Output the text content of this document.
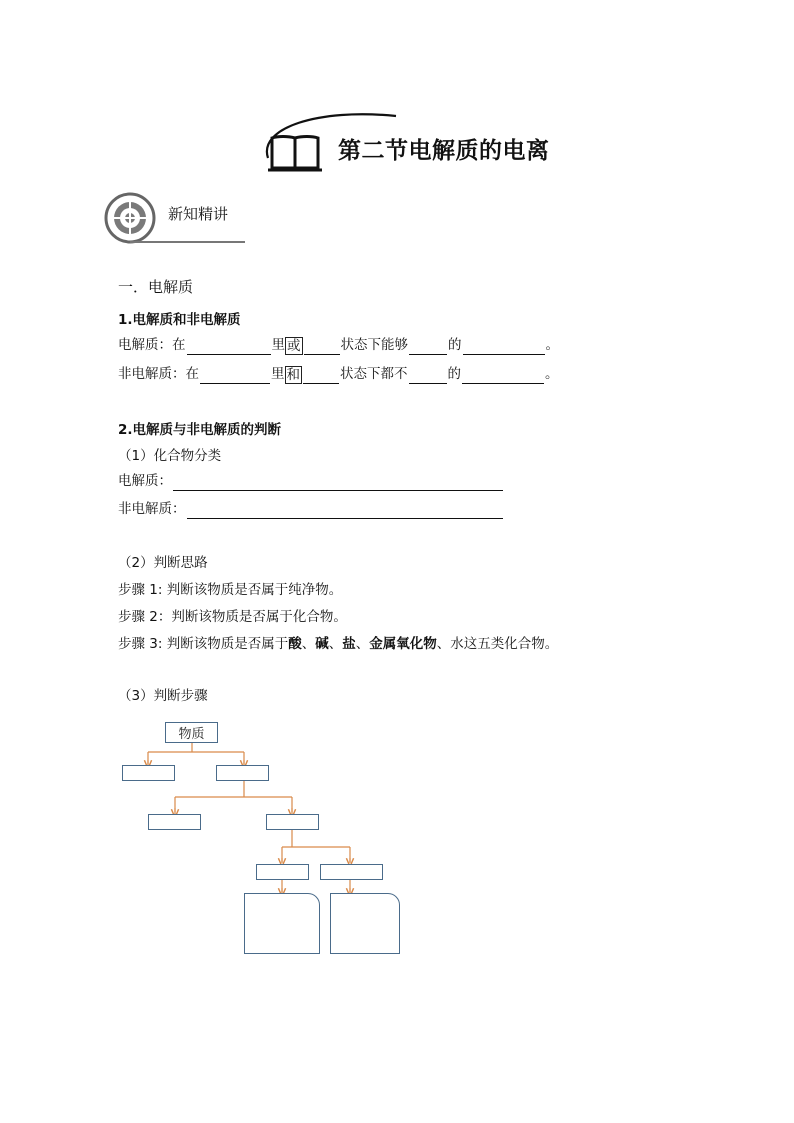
第二节电解质的电离
新知精讲
一．电解质
1.电解质和非电解质
电解质：在	里 或	状态下能够	的	。
非电解质：在	里 和	状态下都不	的	。
2.电解质与非电解质的判断
（1）化合物分类
电解质：
非电解质：
（2）判断思路
步骤 1: 判断该物质是否属于纯净物。
步骤 2：判断该物质是否属于化合物。
步骤 3: 判断该物质是否属于酸、碱、盐、金属氧化物、水这五类化合物。
（3）判断步骤
物质
